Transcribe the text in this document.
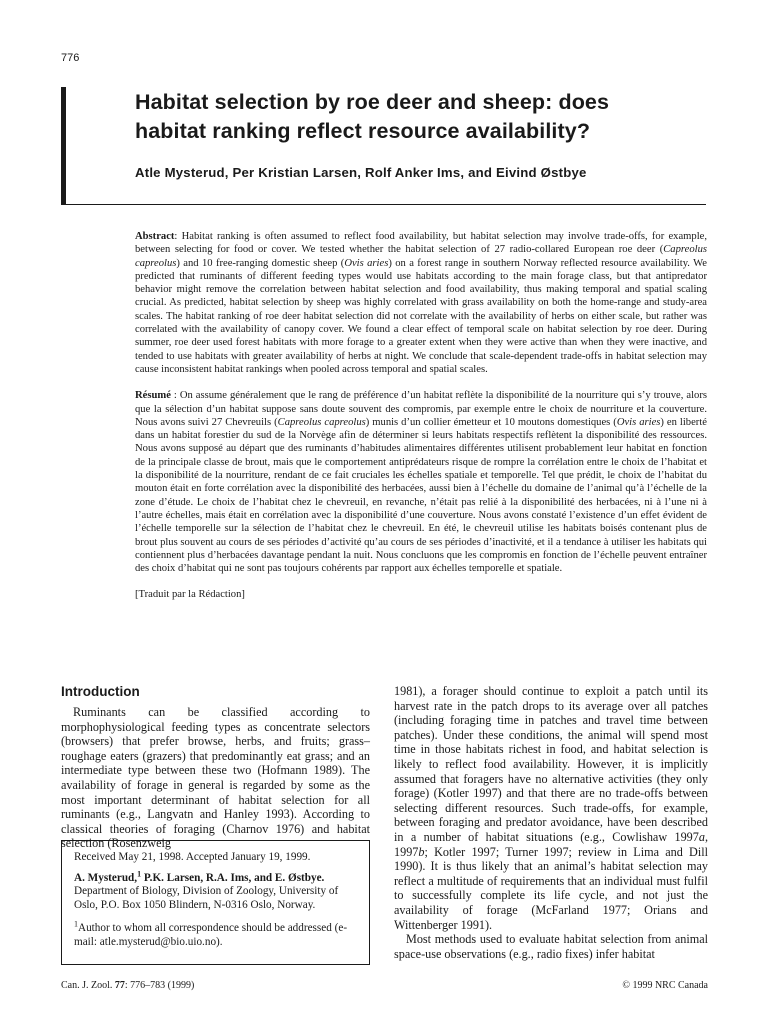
776
Habitat selection by roe deer and sheep: does
habitat ranking reflect resource availability?
Atle Mysterud, Per Kristian Larsen, Rolf Anker Ims, and Eivind Østbye

Abstract: Habitat ranking is often assumed to reflect food availability, but habitat selection may involve trade-offs, for example, between selecting for food or cover. We tested whether the habitat selection of 27 radio-collared European roe deer (Capreolus capreolus) and 10 free-ranging domestic sheep (Ovis aries) on a forest range in southern Norway reflected resource availability. We predicted that ruminants of different feeding types would use habitats according to the main forage class, but that antipredator behavior might remove the correlation between habitat selection and food availability, thus making temporal and spatial scaling crucial. As predicted, habitat selection by sheep was highly correlated with grass availability on both the home-range and study-area scales. The habitat ranking of roe deer habitat selection did not correlate with the availability of herbs on either scale, but rather was correlated with the availability of canopy cover. We found a clear effect of temporal scale on habitat selection by roe deer. During summer, roe deer used forest habitats with more forage to a greater extent when they were active than when they were inactive, and tended to use habitats with greater availability of herbs at night. We conclude that scale-dependent trade-offs in habitat selection may cause inconsistent habitat rankings when pooled across temporal and spatial scales.

Résumé : On assume généralement que le rang de préférence d’un habitat reflète la disponibilité de la nourriture qui s’y trouve, alors que la sélection d’un habitat suppose sans doute souvent des compromis, par exemple entre le choix de nourriture et la couverture. Nous avons suivi 27 Chevreuils (Capreolus capreolus) munis d’un collier émetteur et 10 moutons domestiques (Ovis aries) en liberté dans un habitat forestier du sud de la Norvège afin de déterminer si leurs habitats respectifs reflètent la disponibilité des ressources. Nous avons supposé au départ que des ruminants d’habitudes alimentaires différentes utilisent probablement leur habitat en fonction de la principale classe de brout, mais que le comportement antiprédateurs risque de rompre la corrélation entre le choix de l’habitat et la disponibilité de la nourriture, rendant de ce fait cruciales les échelles spatiale et temporelle. Tel que prédit, le choix de l’habitat du mouton était en forte corrélation avec la disponibilité des herbacées, aussi bien à l’échelle du domaine de l’animal qu’à l’échelle de la zone d’étude. Le choix de l’habitat chez le chevreuil, en revanche, n’était pas relié à la disponibilité des herbacées, ni à l’une ni à l’autre échelles, mais était en corrélation avec la disponibilité d’une couverture. Nous avons constaté l’existence d’un effet évident de l’échelle temporelle sur la sélection de l’habitat chez le chevreuil. En été, le chevreuil utilise les habitats boisés contenant plus de brout plus souvent au cours de ses périodes d’activité qu’au cours de ses périodes d’inactivité, et il a tendance à utiliser les habitats qui contiennent plus d’herbacées davantage pendant la nuit. Nous concluons que les compromis en fonction de l’échelle peuvent entraîner des choix d’habitat qui ne sont pas toujours cohérents par rapport aux échelles temporelle et spatiale.

[Traduit par la Rédaction]

Introduction

Ruminants can be classified according to morphophysiological feeding types as concentrate selectors (browsers) that prefer browse, herbs, and fruits; grass–roughage eaters (grazers) that predominantly eat grass; and an intermediate type between these two (Hofmann 1989). The availability of forage in general is regarded by some as the most important determinant of habitat selection for all ruminants (e.g., Langvatn and Hanley 1993). According to classical theories of foraging (Charnov 1976) and habitat selection (Rosenzweig

Received May 21, 1998. Accepted January 19, 1999.

A. Mysterud,$^1$ P.K. Larsen, R.A. Ims, and E. Østbye. Department of Biology, Division of Zoology, University of Oslo, P.O. Box 1050 Blindern, N-0316 Oslo, Norway.

$^1$Author to whom all correspondence should be addressed (e-mail: atle.mysterud@bio.uio.no).

1981), a forager should continue to exploit a patch until its harvest rate in the patch drops to its average over all patches (including foraging time in patches and travel time between patches). Under these conditions, the animal will spend most time in those habitats richest in food, and habitat selection is likely to reflect food availability. However, it is implicitly assumed that foragers have no alternative activities (they only forage) (Kotler 1997) and that there are no trade-offs between selecting different resources. Such trade-offs, for example, between foraging and predator avoidance, have been described in a number of habitat situations (e.g., Cowlishaw 1997a, 1997b; Kotler 1997; Turner 1997; review in Lima and Dill 1990). It is thus likely that an animal’s habitat selection may reflect a multitude of requirements that an individual must fulfil to successfully complete its life cycle, and not just the availability of forage (McFarland 1977; Orians and Wittenberger 1991).

Most methods used to evaluate habitat selection from animal space-use observations (e.g., radio fixes) infer habitat

Can. J. Zool. 77: 776–783 (1999)	© 1999 NRC Canada
